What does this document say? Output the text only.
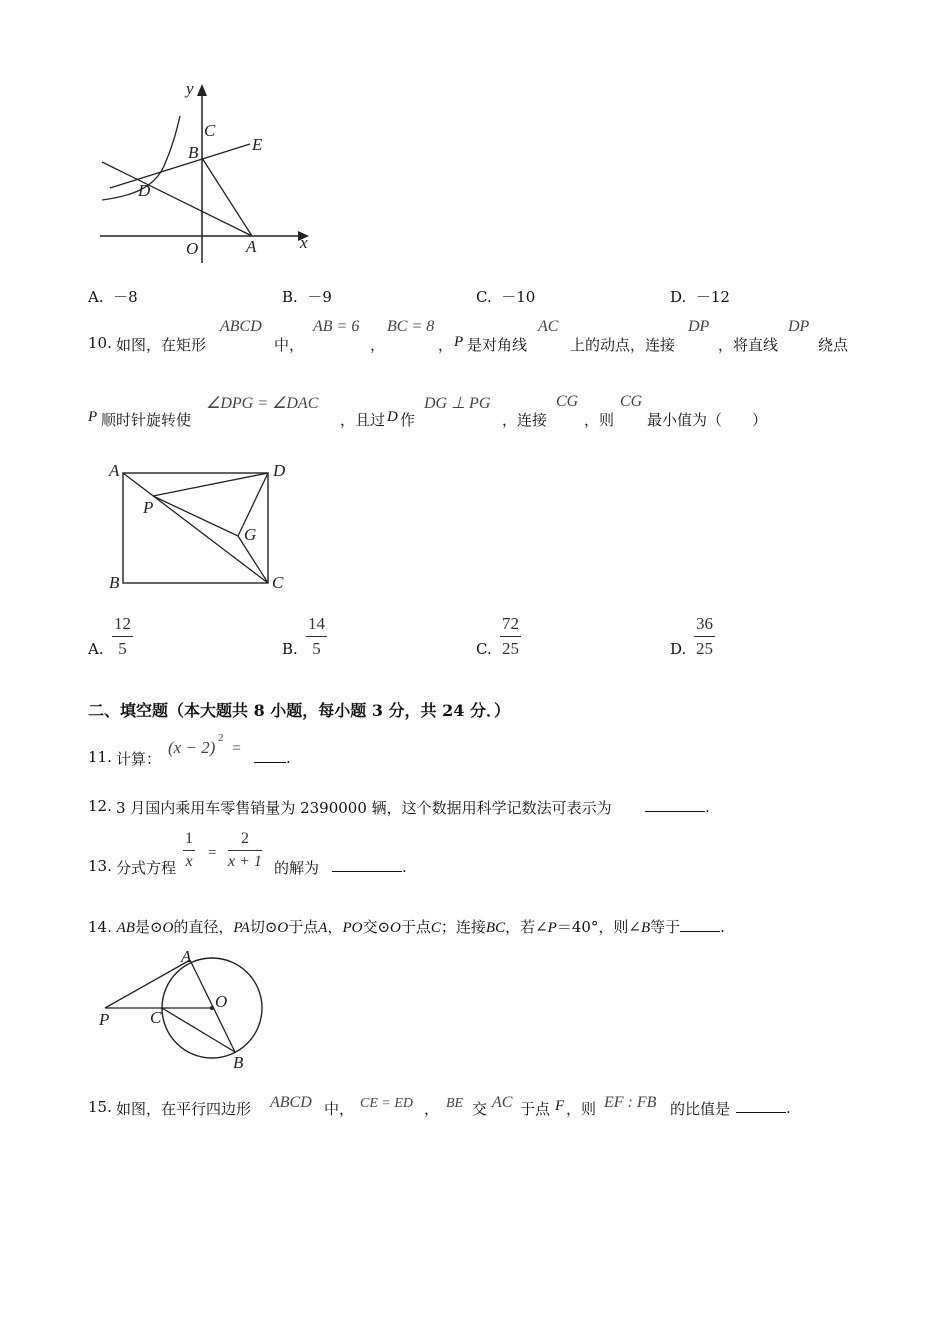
y
x
C
B	E
D
O	A
A. －8	B. －9	C. －10	D. －12
10. 如图，在矩形
ABCD
中，
AB = 6
，
BC = 8
， P 是对角线
AC
上的动点，连接
DP
，将直线
DP
绕点
P 顺时针旋转使
∠DPG = ∠DAC
，且过 D 作
DG ⊥ PG
，连接
CG
，则
CG
最小值为（　　）
A	D
P
G
B	C
A.
12
5	B.
14
5	C.
72
25	D.
36
25
二、填空题（本大题共 8 小题，每小题 3 分，共 24 分．）
11. 计算：
(x − 2) 2
=
.
12. 3 月国内乘用车零售销量为 2390000 辆，这个数据用科学记数法可表示为	.
13. 分式方程
1
x =
2
x + 1 的解为	.
14. AB是⊙O的直径，PA切⊙O于点A，PO交⊙O于点C；连接BC，若∠P＝40°，则∠B等于	.
A
O
P C
B
15. 如图，在平行四边形 ABCD 中， CE = ED ， BE 交 AC 于点 F ，则 EF : FB 的比值是	.
